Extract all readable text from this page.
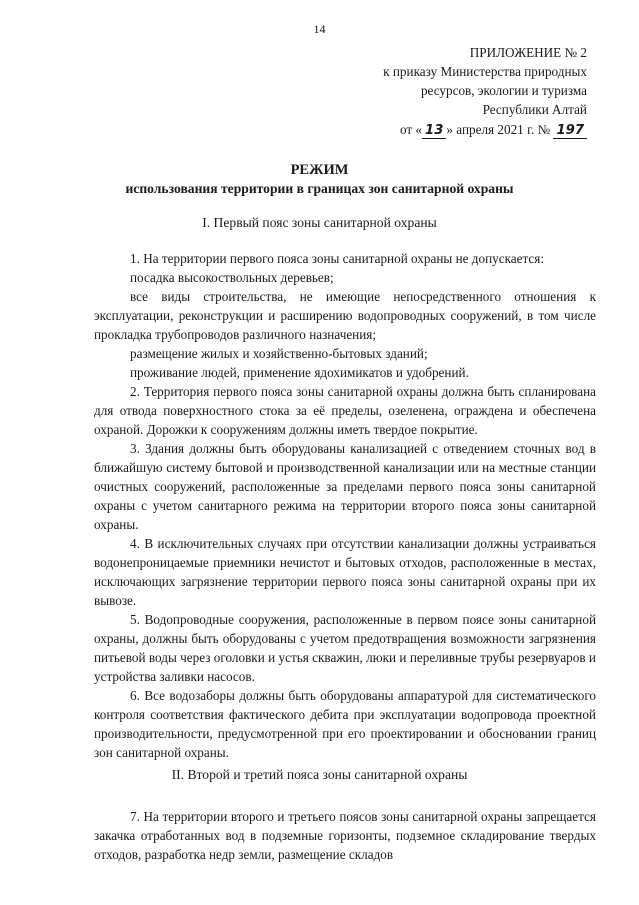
14
ПРИЛОЖЕНИЕ № 2
к приказу Министерства природных
ресурсов, экологии и туризма
Республики Алтай
от « 13 » апреля 2021 г. № 197
РЕЖИМ
использования территории в границах зон санитарной охраны
I. Первый пояс зоны санитарной охраны

1. На территории первого пояса зоны санитарной охраны не допускается:

посадка высокоствольных деревьев;

все виды строительства, не имеющие непосредственного отношения к эксплуатации, реконструкции и расширению водопроводных сооружений, в том числе прокладка трубопроводов различного назначения;

размещение жилых и хозяйственно-бытовых зданий;

проживание людей, применение ядохимикатов и удобрений.

2. Территория первого пояса зоны санитарной охраны должна быть спланирована для отвода поверхностного стока за её пределы, озеленена, ограждена и обеспечена охраной. Дорожки к сооружениям должны иметь твердое покрытие.

3. Здания должны быть оборудованы канализацией с отведением сточных вод в ближайшую систему бытовой и производственной канализации или на местные станции очистных сооружений, расположенные за пределами первого пояса зоны санитарной охраны с учетом санитарного режима на территории второго пояса зоны санитарной охраны.

4. В исключительных случаях при отсутствии канализации должны устраиваться водонепроницаемые приемники нечистот и бытовых отходов, расположенные в местах, исключающих загрязнение территории первого пояса зоны санитарной охраны при их вывозе.

5. Водопроводные сооружения, расположенные в первом поясе зоны санитарной охраны, должны быть оборудованы с учетом предотвращения возможности загрязнения питьевой воды через оголовки и устья скважин, люки и переливные трубы резервуаров и устройства заливки насосов.

6. Все водозаборы должны быть оборудованы аппаратурой для систематического контроля соответствия фактического дебита при эксплуатации водопровода проектной производительности, предусмотренной при его проектировании и обосновании границ зон санитарной охраны.

II. Второй и третий пояса зоны санитарной охраны

7. На территории второго и третьего поясов зоны санитарной охраны запрещается закачка отработанных вод в подземные горизонты, подземное складирование твердых отходов, разработка недр земли, размещение складов
